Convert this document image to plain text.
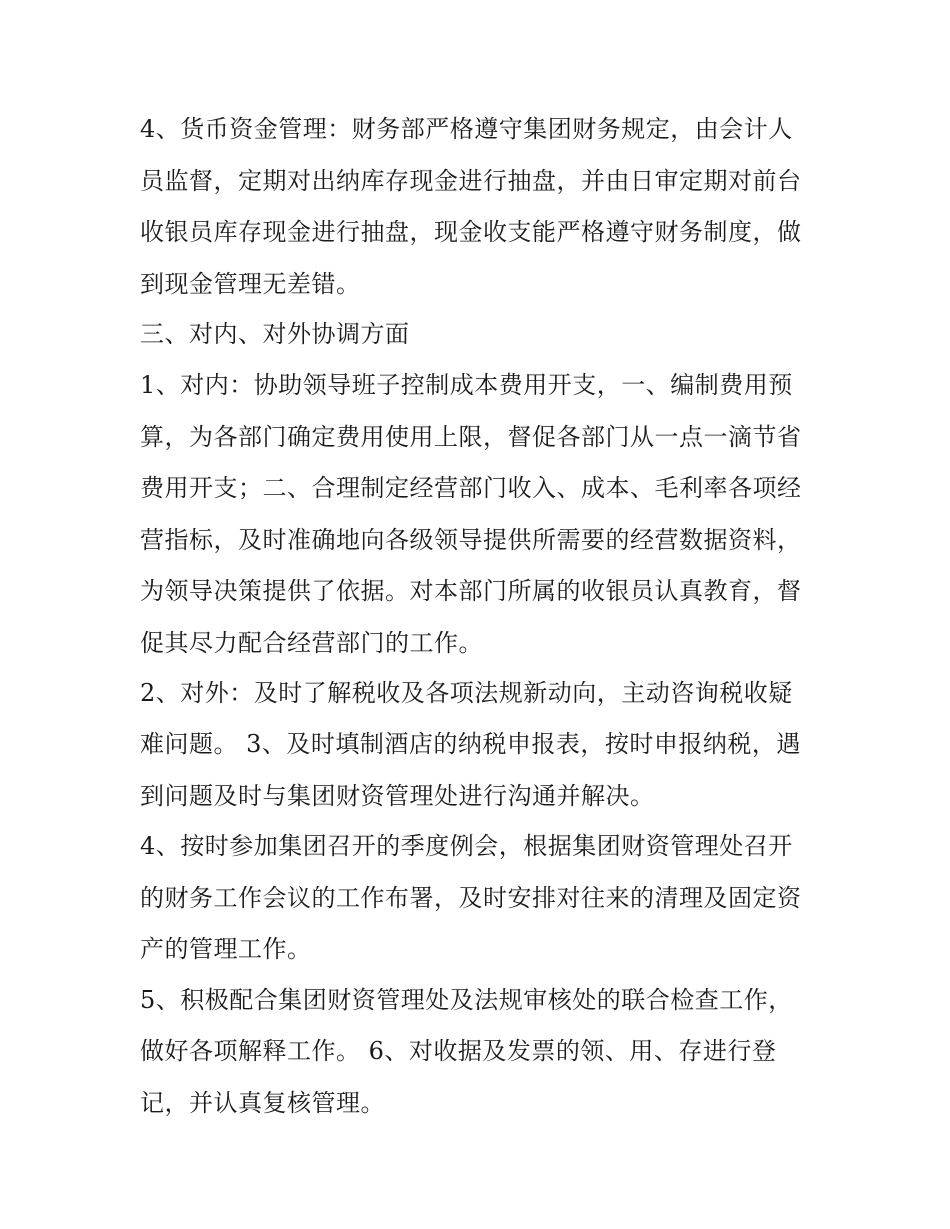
4、货币资金管理：财务部严格遵守集团财务规定，由会计人

员监督，定期对出纳库存现金进行抽盘，并由日审定期对前台

收银员库存现金进行抽盘，现金收支能严格遵守财务制度，做

到现金管理无差错。

三、对内、对外协调方面

1、对内：协助领导班子控制成本费用开支，一、编制费用预

算，为各部门确定费用使用上限，督促各部门从一点一滴节省

费用开支；二、合理制定经营部门收入、成本、毛利率各项经

营指标，及时准确地向各级领导提供所需要的经营数据资料，

为领导决策提供了依据。对本部门所属的收银员认真教育，督

促其尽力配合经营部门的工作。

2、对外：及时了解税收及各项法规新动向，主动咨询税收疑

难问题。 3、及时填制酒店的纳税申报表，按时申报纳税，遇

到问题及时与集团财资管理处进行沟通并解决。

4、按时参加集团召开的季度例会，根据集团财资管理处召开

的财务工作会议的工作布署，及时安排对往来的清理及固定资

产的管理工作。

5、积极配合集团财资管理处及法规审核处的联合检查工作，

做好各项解释工作。 6、对收据及发票的领、用、存进行登

记，并认真复核管理。
